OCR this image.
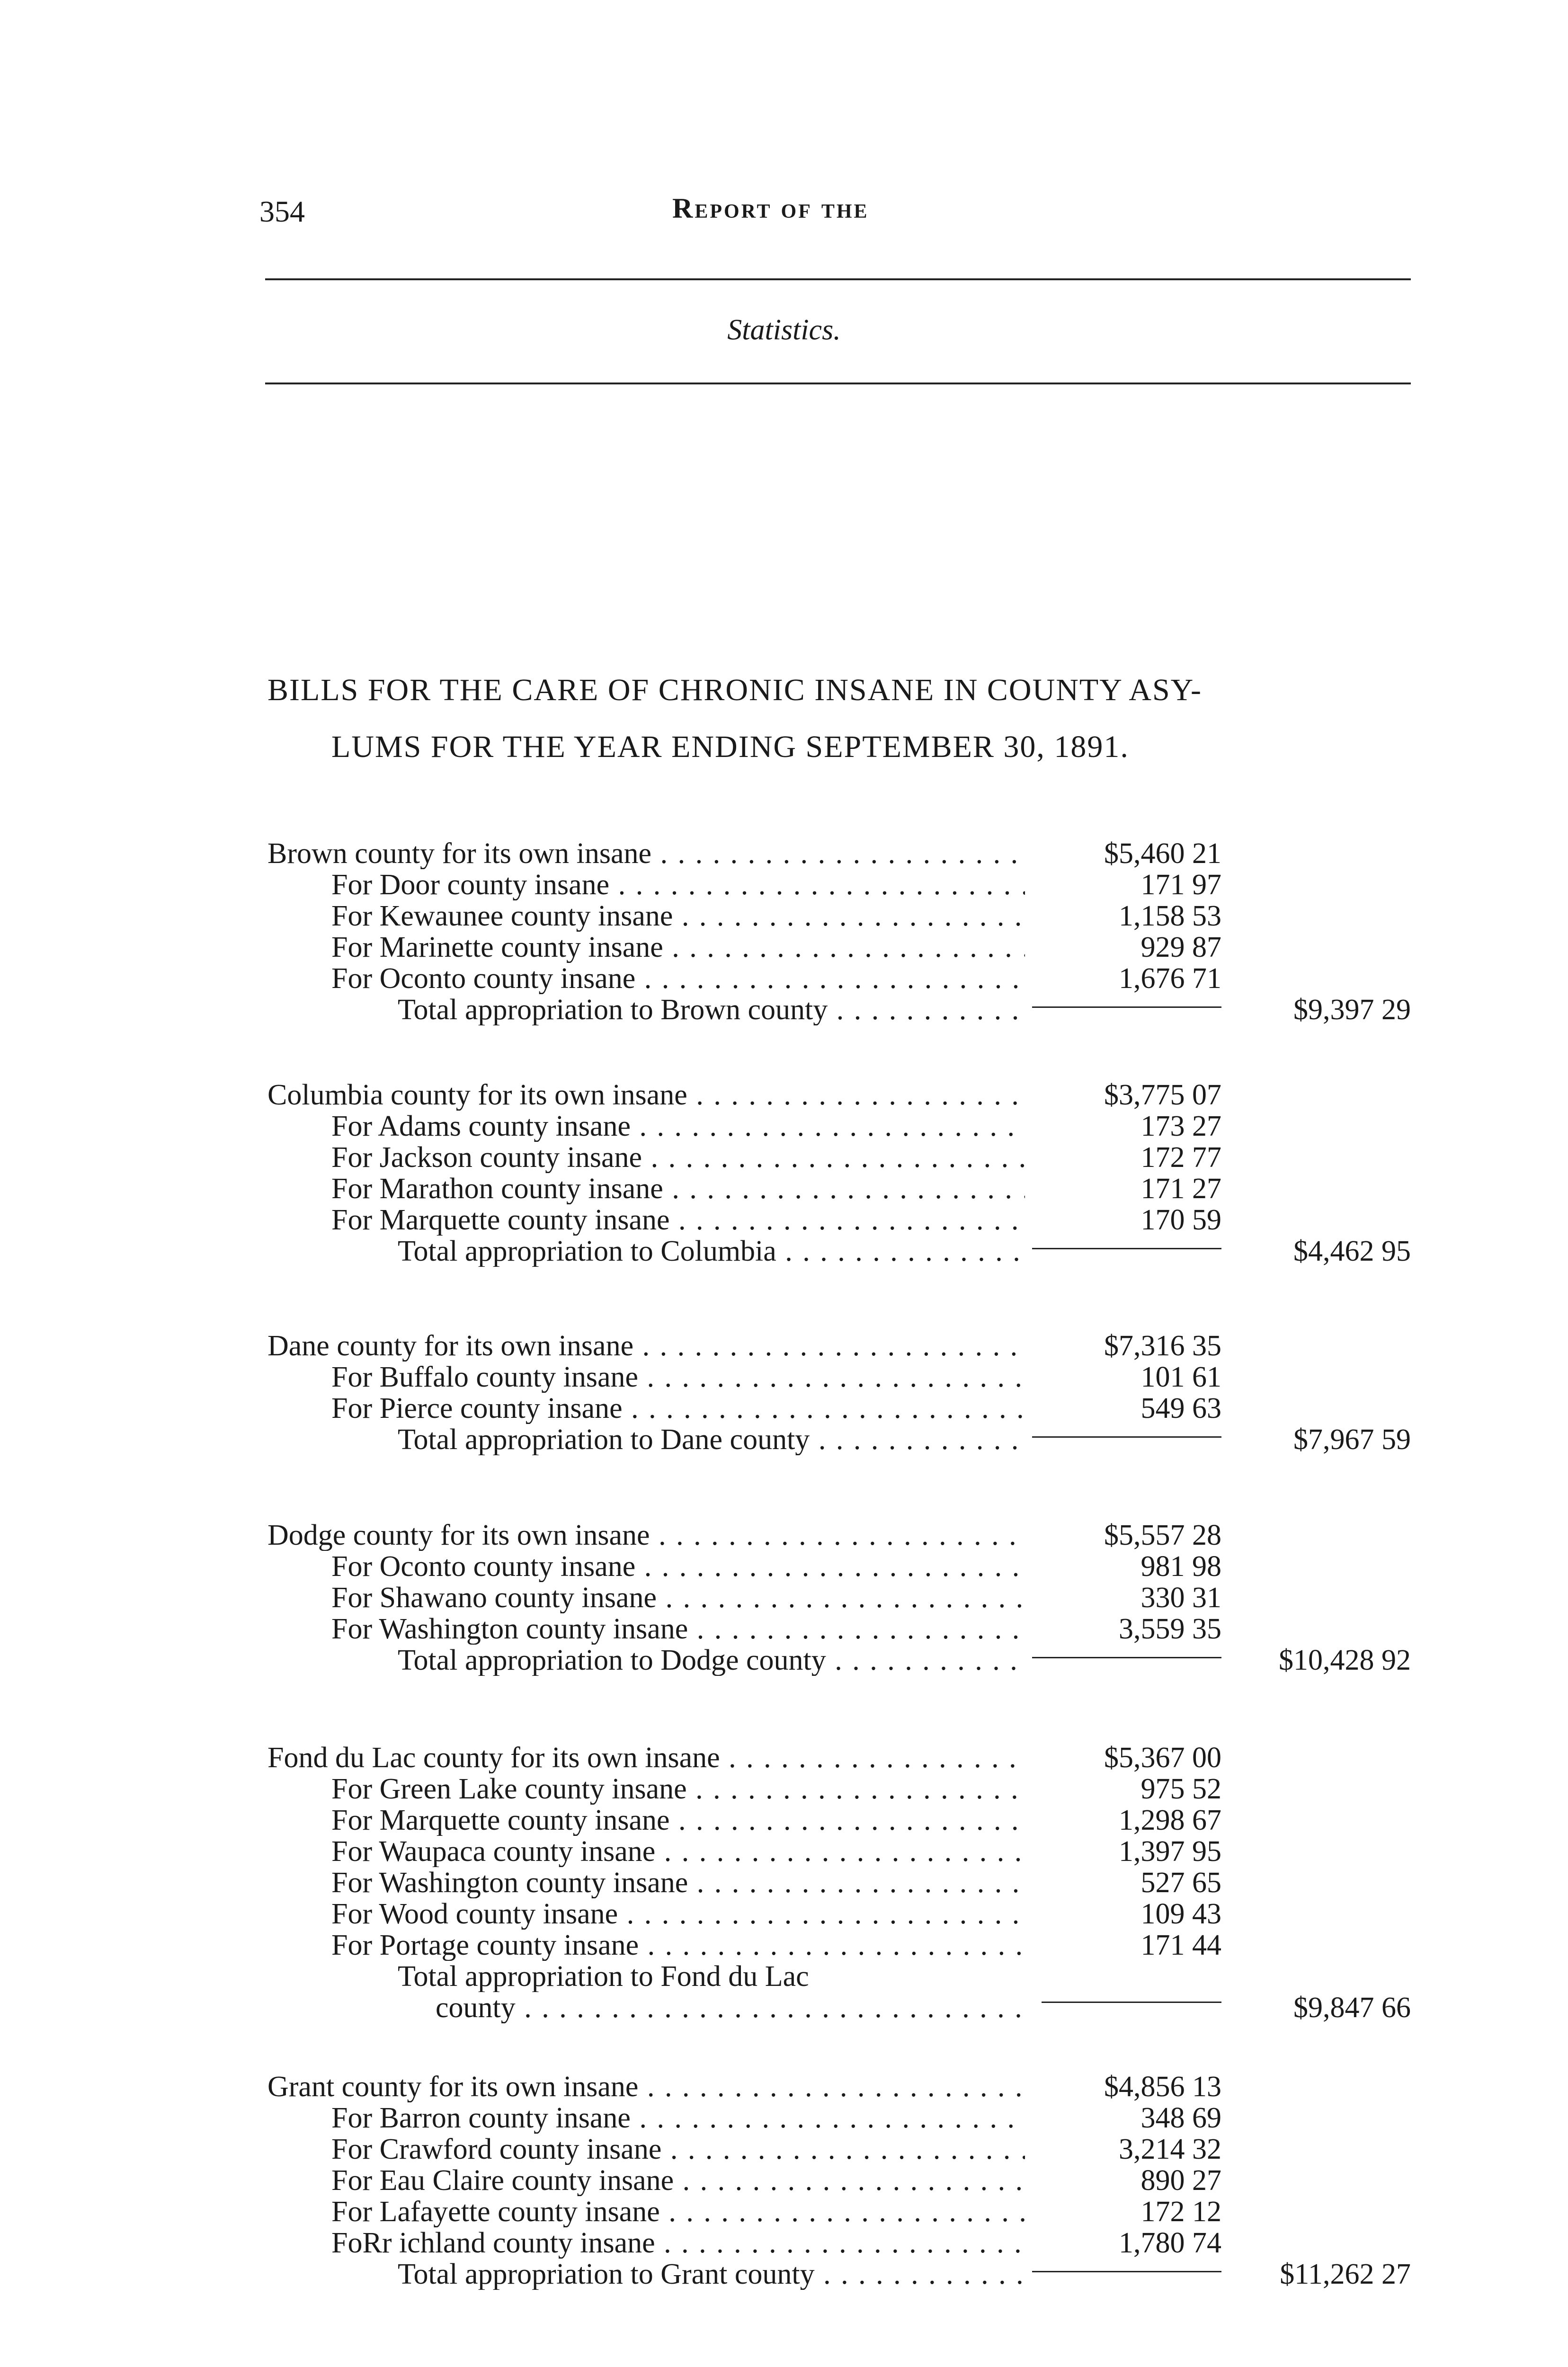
354	Report of the
Statistics.
BILLS FOR THE CARE OF CHRONIC INSANE IN COUNTY ASY-
LUMS FOR THE YEAR ENDING SEPTEMBER 30, 1891.
Brown county for its own insane . . .	$5,460 21
For Door county insane . . .	171 97
For Kewaunee county insane . . .	1,158 53
For Marinette county insane . . .	929 87
For Oconto county insane . . .	1,676 71
Total appropriation to Brown county . . .	$9,397 29
Columbia county for its own insane . . .	$3,775 07
For Adams county insane . . .	173 27
For Jackson county insane . . .	172 77
For Marathon county insane . . .	171 27
For Marquette county insane . . .	170 59
Total appropriation to Columbia . . .	$4,462 95
Dane county for its own insane . . .	$7,316 35
For Buffalo county insane . . .	101 61
For Pierce county insane . . .	549 63
Total appropriation to Dane county . . .	$7,967 59
Dodge county for its own insane . . .	$5,557 28
For Oconto county insane . . .	981 98
For Shawano county insane . . .	330 31
For Washington county insane . . .	3,559 35
Total appropriation to Dodge county . . .	$10,428 92
Fond du Lac county for its own insane . . .	$5,367 00
For Green Lake county insane . . .	975 52
For Marquette county insane . . .	1,298 67
For Waupaca county insane . . .	1,397 95
For Washington county insane . . .	527 65
For Wood county insane . . .	109 43
For Portage county insane . . .	171 44
Total appropriation to Fond du Lac
county . . .	$9,847 66
Grant county for its own insane . . .	$4,856 13
For Barron county insane . . .	348 69
For Crawford county insane . . .	3,214 32
For Eau Claire county insane . . .	890 27
For Lafayette county insane . . .	172 12
FoRr ichland county insane . . .	1,780 74
Total appropriation to Grant county . . .	$11,262 27
